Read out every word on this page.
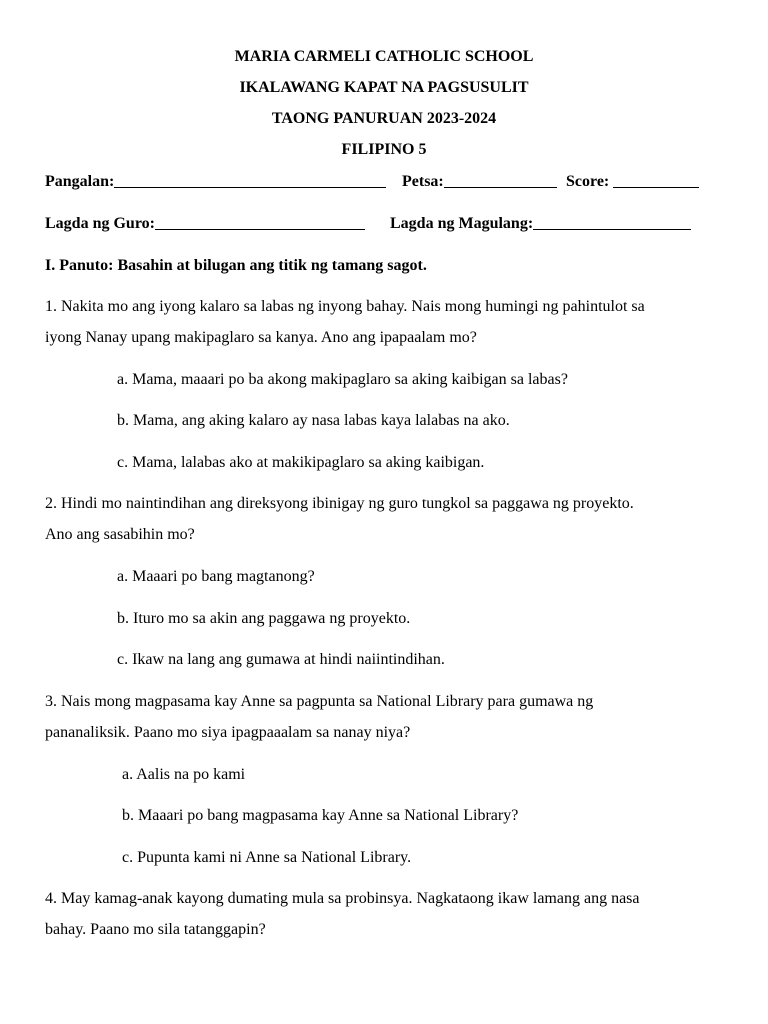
MARIA CARMELI CATHOLIC SCHOOL
IKALAWANG KAPAT NA PAGSUSULIT
TAONG PANURUAN 2023-2024
FILIPINO 5
Pangalan:	Petsa:	Score:
Lagda ng Guro:	Lagda ng Magulang:
I. Panuto: Basahin at bilugan ang titik ng tamang sagot.
1. Nakita mo ang iyong kalaro sa labas ng inyong bahay. Nais mong humingi ng pahintulot sa
iyong Nanay upang makipaglaro sa kanya. Ano ang ipapaalam mo?
a. Mama, maaari po ba akong makipaglaro sa aking kaibigan sa labas?
b. Mama, ang aking kalaro ay nasa labas kaya lalabas na ako.
c. Mama, lalabas ako at makikipaglaro sa aking kaibigan.
2. Hindi mo naintindihan ang direksyong ibinigay ng guro tungkol sa paggawa ng proyekto.
Ano ang sasabihin mo?
a. Maaari po bang magtanong?
b. Ituro mo sa akin ang paggawa ng proyekto.
c. Ikaw na lang ang gumawa at hindi naiintindihan.
3. Nais mong magpasama kay Anne sa pagpunta sa National Library para gumawa ng
pananaliksik. Paano mo siya ipagpaaalam sa nanay niya?
a. Aalis na po kami
b. Maaari po bang magpasama kay Anne sa National Library?
c. Pupunta kami ni Anne sa National Library.
4. May kamag-anak kayong dumating mula sa probinsya. Nagkataong ikaw lamang ang nasa
bahay. Paano mo sila tatanggapin?
